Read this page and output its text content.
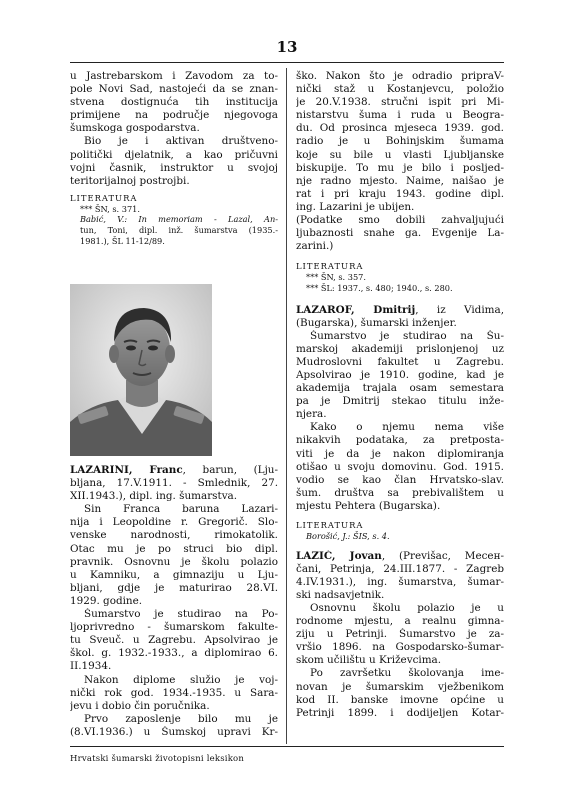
13
u Jastrebarskom i Zavodom za to-
pole Novi Sad, nastojeći da se znan-
stvena dostignuća tih institucija
primijene na područje njegovoga
šumskoga gospodarstva.
Bio je i aktivan društveno-
politički djelatnik, a kao pričuvni
vojni časnik, instruktor u svojoj
teritorijalnoj postrojbi.
LITERATURA
*** ŠN, s. 371.
Babić, V.: In memoriam - Lazal, An-
tun, Toni, dipl. inž. šumarstva (1935.-
1981.), ŠL 11-12/89.
LAZARINI, Franc, barun, (Lju-
bljana, 17.V.1911. - Smlednik, 27.
XII.1943.), dipl. ing. šumarstva.
Sin Franca baruna Lazari-
nija i Leopoldine r. Gregorič. Slo-
venske narodnosti, rimokatolik.
Otac mu je po struci bio dipl.
pravnik. Osnovnu je školu polazio
u Kamniku, a gimnaziju u Lju-
bljani, gdje je maturirao 28.VI.
1929. godine.
Šumarstvo je studirao na Po-
ljoprivredno - šumarskom fakulte-
tu Sveuč. u Zagrebu. Apsolvirao je
škol. g. 1932.-1933., a diplomirao 6.
II.1934.
Nakon diplome služio je voj-
nički rok god. 1934.-1935. u Sara-
jevu i dobio čin poručnika.
Prvo zaposlenje bilo mu je
(8.VI.1936.) u Šumskoj upravi Kr-
ško. Nakon što je odradio pripraV-
nički staž u Kostanjevcu, položio
je 20.V.1938. stručni ispit pri Mi-
nistarstvu šuma i ruda u Beogra-
du. Od prosinca mjeseca 1939. god.
radio je u Bohinjskim šumama
koje su bile u vlasti Ljubljanske
biskupije. To mu je bilo i posljed-
nje radno mjesto. Naime, naišao je
rat i pri kraju 1943. godine dipl.
ing. Lazarini je ubijen.
(Podatke smo dobili zahvaljujući
ljubaznosti snahe ga. Evgenije La-
zarini.)
LITERATURA
*** ŠN, s. 357.
*** ŠL: 1937., s. 480; 1940., s. 280.
LAZAROF, Dmitrij, iz Vidima,
(Bugarska), šumarski inženjer.
Šumarstvo je studirao na Šu-
marskoj akademiji prislonjenoj uz
Mudroslovni fakultet u Zagrebu.
Apsolvirao je 1910. godine, kad je
akademija trajala osam semestara
pa je Dmitrij stekao titulu inže-
njera.
Kako o njemu nema više
nikakvih podataka, za pretposta-
viti je da je nakon diplomiranja
otišao u svoju domovinu. God. 1915.
vodio se kao član Hrvatsko-slav.
šum. društva sa prebivalištem u
mjestu Pehtera (Bugarska).
LITERATURA
Borošić, J.: ŠIS, s. 4.
LAZIĆ, Jovan, (Previšac, Meceн-
čani, Petrinja, 24.III.1877. - Zagreb
4.IV.1931.), ing. šumarstva, šumar-
ski nadsavjetnik.
Osnovnu školu polazio je u
rodnome mjestu, a realnu gimna-
ziju u Petrinji. Šumarstvo je za-
vršio 1896. na Gospodarsko-šumar-
skom učilištu u Križevcima.
Po završetku školovanja ime-
novan je šumarskim vježbenikom
kod II. banske imovne općine u
Petrinji 1899. i dodijeljen Kotar-
Hrvatski šumarski životopisni leksikon
